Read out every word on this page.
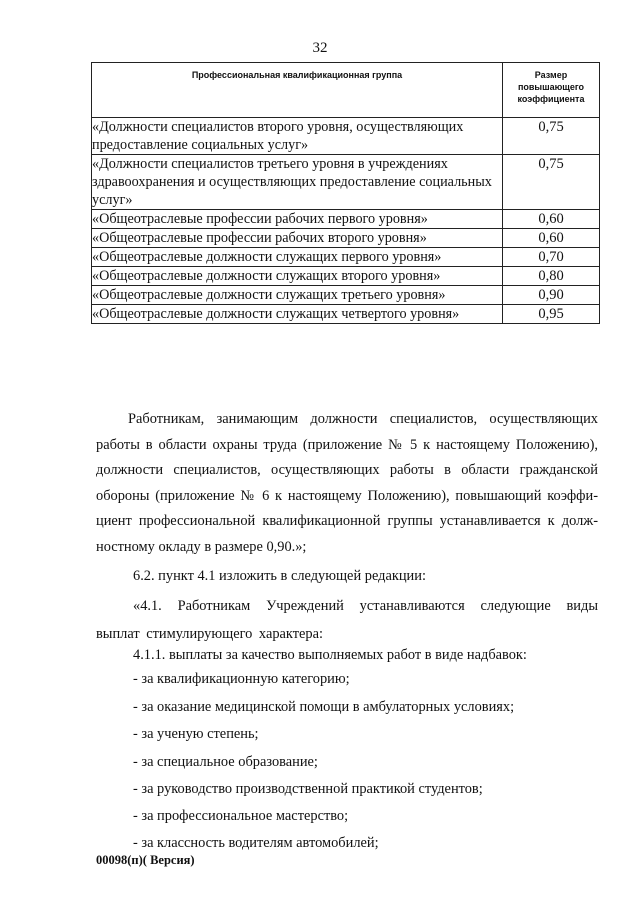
32
Профессиональная квалификационная группа	Размер повышающего коэффициента

«Должности специалистов второго уровня, осуществляющих предоставление социальных услуг»	0,75
«Должности специалистов третьего уровня в учреждениях здравоохранения и осуществляющих предоставление социальных услуг»	0,75
«Общеотраслевые профессии рабочих первого уровня»	0,60
«Общеотраслевые профессии рабочих второго уровня»	0,60
«Общеотраслевые должности служащих первого уровня»	0,70
«Общеотраслевые должности служащих второго уровня»	0,80
«Общеотраслевые должности служащих третьего уровня»	0,90
«Общеотраслевые должности служащих четвертого уровня»	0,95

Работникам, занимающим должности специалистов, осуществляющих работы в области охраны труда (приложение № 5 к настоящему Положению), должности специалистов, осуществляющих работы в области гражданской обороны (приложение № 6 к настоящему Положению), повышающий коэффициент профессиональной квалификационной группы устанавливается к должностному окладу в размере 0,90.»;

6.2. пункт 4.1 изложить в следующей редакции:

«4.1. Работникам Учреждений устанавливаются следующие виды выплат стимулирующего характера:

4.1.1. выплаты за качество выполняемых работ в виде надбавок:
- за квалификационную категорию;
- за оказание медицинской помощи в амбулаторных условиях;
- за ученую степень;
- за специальное образование;
- за руководство производственной практикой студентов;
- за профессиональное мастерство;
- за классность водителям автомобилей;
00098(п)( Версия)
